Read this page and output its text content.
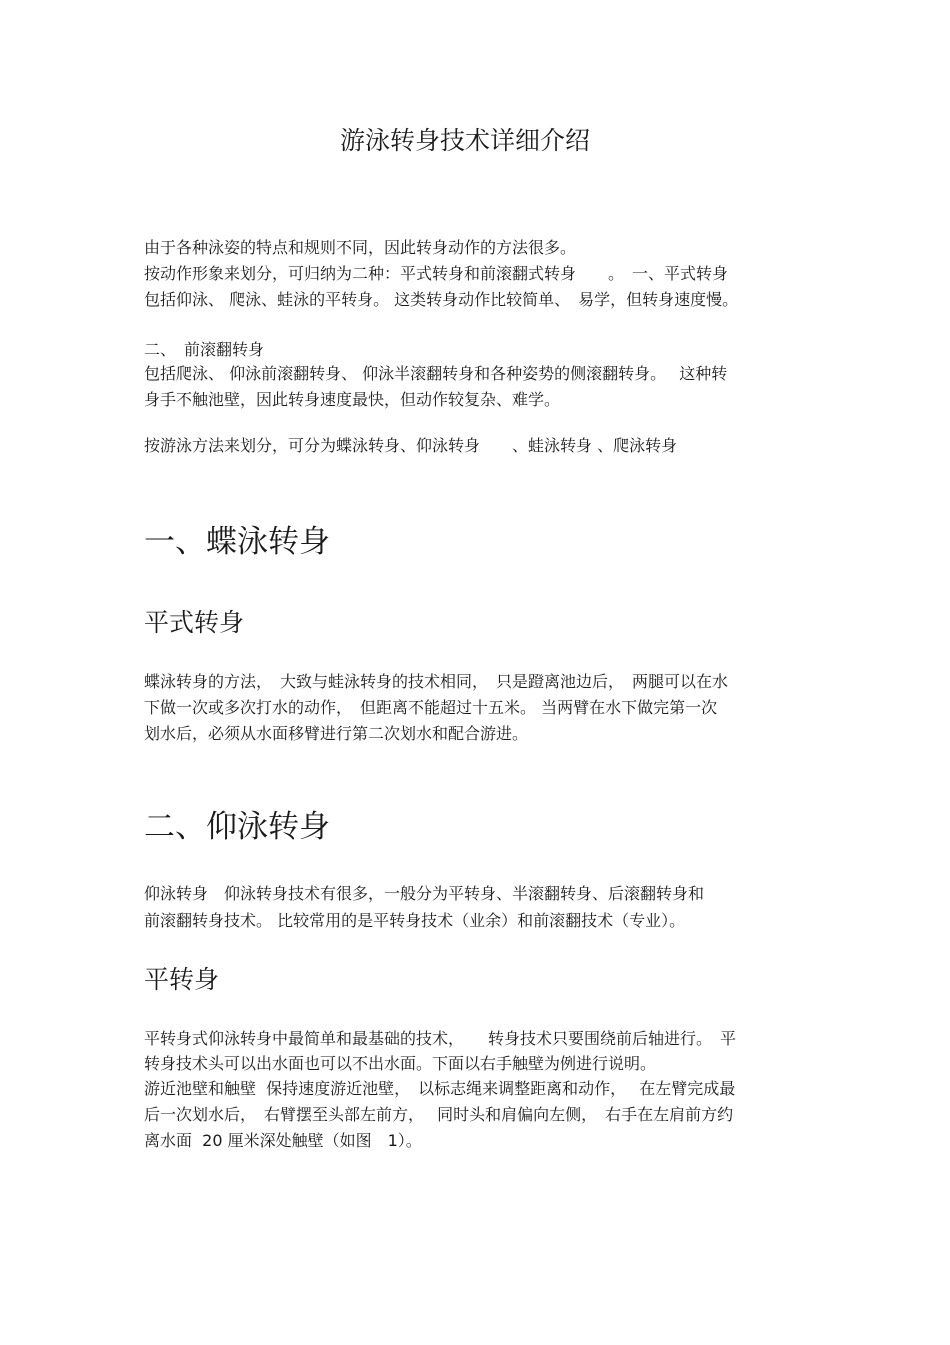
游泳转身技术详细介绍

由于各种泳姿的特点和规则不同，因此转身动作的方法很多。

按动作形象来划分，可归纳为二种：平式转身和前滚翻式转身　　。　一、平式转身

包括仰泳、 爬泳、蛙泳的平转身。 这类转身动作比较简单、　易学，但转身速度慢。

二、　前滚翻转身

包括爬泳、 仰泳前滚翻转身、 仰泳半滚翻转身和各种姿势的侧滚翻转身。　 这种转

身手不触池壁，因此转身速度最快，但动作较复杂、难学。

按游泳方法来划分，可分为蝶泳转身、仰泳转身　　、蛙泳转身 、爬泳转身

一、蝶泳转身
平式转身

蝶泳转身的方法，　大致与蛙泳转身的技术相同，　只是蹬离池边后，　两腿可以在水

下做一次或多次打水的动作，　但距离不能超过十五米。 当两臂在水下做完第一次

划水后，必须从水面移臂进行第二次划水和配合游进。

二、仰泳转身

仰泳转身　仰泳转身技术有很多，一般分为平转身、半滚翻转身、后滚翻转身和

前滚翻转身技术。 比较常用的是平转身技术（业余）和前滚翻技术（专业）。

平转身

平转身式仰泳转身中最简单和最基础的技术，　　转身技术只要围绕前后轴进行。　平

转身技术头可以出水面也可以不出水面。下面以右手触壁为例进行说明。

游近池壁和触壁  保持速度游近池壁，　以标志绳来调整距离和动作，　 在左臂完成最

后一次划水后，　右臂摆至头部左前方，　 同时头和肩偏向左侧，　右手在左肩前方约

离水面  20 厘米深处触壁（如图　1）。
